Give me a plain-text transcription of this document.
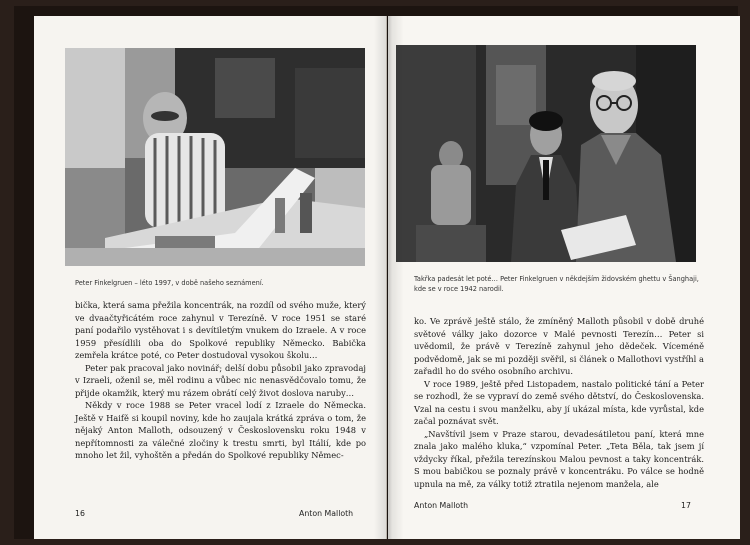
Peter Finkelgruen – léto 1997, v době našeho seznámení.

bička, která sama přežila koncentrák, na rozdíl od svého muže, který ve dvaačtyřicátém roce zahynul v Terezíně. V roce 1951 se staré paní podařilo vystěhovat i s devítiletým vnukem do Izraele. A v roce 1959 přesídlili oba do Spolkové republiky Německo. Babička zemřela krátce poté, co Peter dostudoval vysokou školu…

Peter pak pracoval jako novinář; delší dobu působil jako zpravodaj v Izraeli, oženil se, měl rodinu a vůbec nic nenasvědčovalo tomu, že přijde okamžik, který mu rázem obrátí celý život doslova naruby…

Někdy v roce 1988 se Peter vracel lodí z Izraele do Německa. Ještě v Haifě si koupil noviny, kde ho zaujala krátká zpráva o tom, že nějaký Anton Malloth, odsouzený v Československu roku 1948 v nepřítomnosti za válečné zločiny k trestu smrti, byl Itálií, kde po mnoho let žil, vyhoštěn a předán do Spolkové republiky Němec-

16	Anton Malloth
Takřka padesát let poté… Peter Finkelgruen v někdejším židovském ghettu v Šanghaji, kde se v roce 1942 narodil.

ko. Ve zprávě ještě stálo, že zmíněný Malloth působil v době druhé světové války jako dozorce v Malé pevnosti Terezín… Peter si uvědomil, že právě v Terezíně zahynul jeho dědeček. Víceméně podvědomě, jak se mi později svěřil, si článek o Mallothovi vystříhl a zařadil ho do svého osobního archivu.

V roce 1989, ještě před Listopadem, nastalo politické tání a Peter se rozhodl, že se vypraví do země svého dětství, do Československa. Vzal na cestu i svou manželku, aby jí ukázal místa, kde vyrůstal, kde začal poznávat svět.

„Navštívil jsem v Praze starou, devadesátiletou paní, která mne znala jako malého kluka,“ vzpomínal Peter. „Teta Běla, tak jsem jí vždycky říkal, přežila terezínskou Malou pevnost a taky koncentrák. S mou babičkou se poznaly právě v koncentráku. Po válce se hodně upnula na mě, za války totiž ztratila nejenom manžela, ale

Anton Malloth	17
